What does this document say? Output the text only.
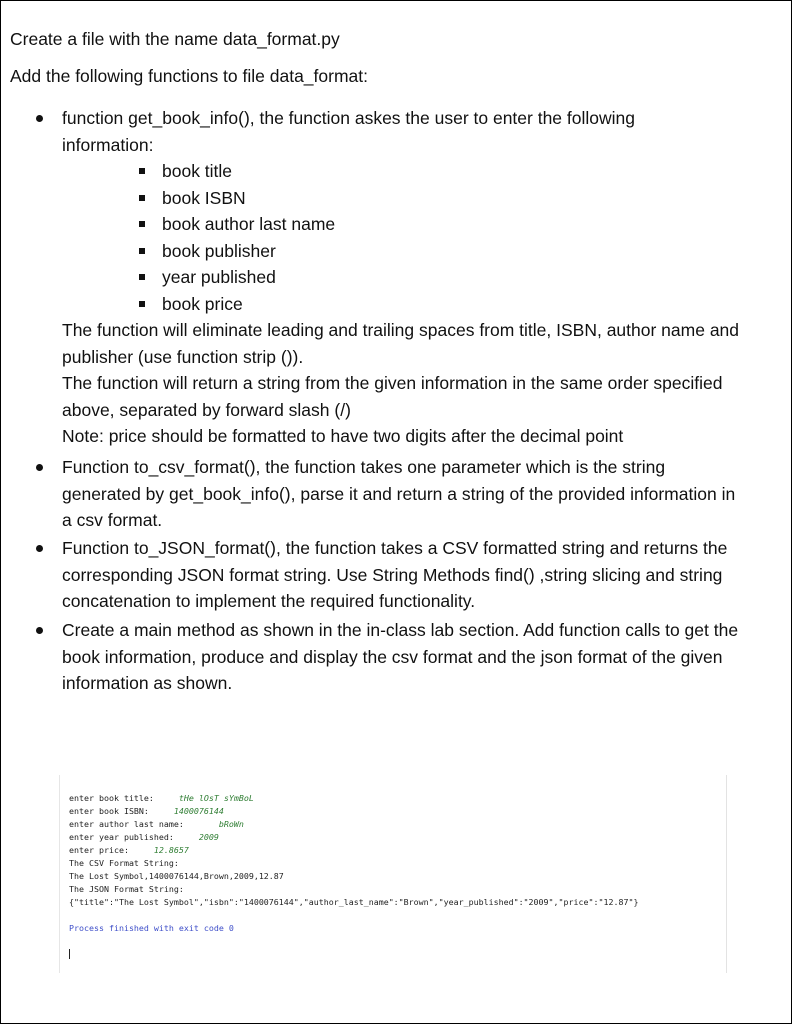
Create a file with the name data_format.py
Add the following functions to file data_format:
function get_book_info(), the function askes the user to enter the following
information:
book title
book ISBN
book author last name
book publisher
year published
book price
The function will eliminate leading and trailing spaces from title, ISBN, author name and
publisher (use function strip ()).
The function will return a string from the given information in the same order specified
above, separated by forward slash (/)
Note: price should be formatted to have two digits after the decimal point
Function to_csv_format(), the function takes one parameter which is the string
generated by get_book_info(), parse it and return a string of the provided information in
a csv format.
Function to_JSON_format(), the function takes a CSV formatted string and returns the
corresponding JSON format string. Use String Methods find() ,string slicing and string
concatenation to implement the required functionality.
Create a main method as shown in the in-class lab section. Add function calls to get the
book information, produce and display the csv format and the json format of the given
information as shown.
enter book title:     tHe lOsT sYmBoL
enter book ISBN:     1400076144
enter author last name:       bRoWn
enter year published:     2009
enter price:     12.8657
The CSV Format String:
The Lost Symbol,1400076144,Brown,2009,12.87
The JSON Format String:
{"title":"The Lost Symbol","isbn":"1400076144","author_last_name":"Brown","year_published":"2009","price":"12.87"}
Process finished with exit code 0
